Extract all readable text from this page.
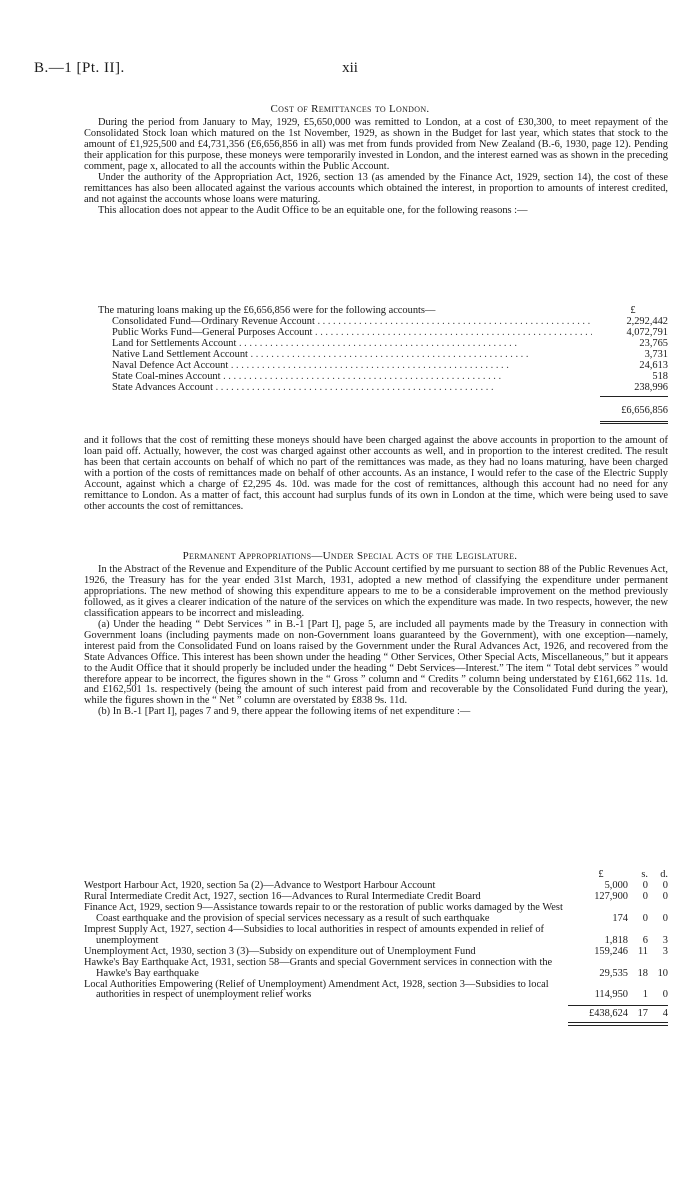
B.—1 [Pt. II].	xii
Cost of Remittances to London.

During the period from January to May, 1929, £5,650,000 was remitted to London, at a cost of £30,300, to meet repayment of the Consolidated Stock loan which matured on the 1st November, 1929, as shown in the Budget for last year, which states that stock to the amount of £1,925,500 and £4,731,356 (£6,656,856 in all) was met from funds provided from New Zealand (B.-6, 1930, page 12). Pending their application for this purpose, these moneys were temporarily invested in London, and the interest earned was as shown in the preceding comment, page x, allocated to all the accounts within the Public Account.

Under the authority of the Appropriation Act, 1926, section 13 (as amended by the Finance Act, 1929, section 14), the cost of these remittances has also been allocated against the various accounts which obtained the interest, in proportion to amounts of interest credited, and not against the accounts whose loans were maturing.

This allocation does not appear to the Audit Office to be an equitable one, for the following reasons :—

The maturing loans making up the £6,656,856 were for the following accounts—	£
Consolidated Fund—Ordinary Revenue Account . . .	2,292,442
Public Works Fund—General Purposes Account . . .	4,072,791
Land for Settlements Account . . .	23,765
Native Land Settlement Account . . .	3,731
Naval Defence Act Account . . .	24,613
State Coal-mines Account . . .	518
State Advances Account . . .	238,996
£6,656,856

and it follows that the cost of remitting these moneys should have been charged against the above accounts in proportion to the amount of loan paid off. Actually, however, the cost was charged against other accounts as well, and in proportion to the interest credited. The result has been that certain accounts on behalf of which no part of the remittances was made, as they had no loans maturing, have been charged with a portion of the costs of remittances made on behalf of other accounts. As an instance, I would refer to the case of the Electric Supply Account, against which a charge of £2,295 4s. 10d. was made for the cost of remittances, although this account had no need for any remittance to London. As a matter of fact, this account had surplus funds of its own in London at the time, which were being used to save other accounts the cost of remittances.

Permanent Appropriations—Under Special Acts of the Legislature.

In the Abstract of the Revenue and Expenditure of the Public Account certified by me pursuant to section 88 of the Public Revenues Act, 1926, the Treasury has for the year ended 31st March, 1931, adopted a new method of classifying the expenditure under permanent appropriations. The new method of showing this expenditure appears to me to be a considerable improvement on the method previously followed, as it gives a clearer indication of the nature of the services on which the expenditure was made. In two respects, however, the new classification appears to be incorrect and misleading.

(a) Under the heading “ Debt Services ” in B.-1 [Part I], page 5, are included all payments made by the Treasury in connection with Government loans (including payments made on non-Government loans guaranteed by the Government), with one exception—namely, interest paid from the Consolidated Fund on loans raised by the Government under the Rural Advances Act, 1926, and recovered from the State Advances Office. This interest has been shown under the heading “ Other Services, Other Special Acts, Miscellaneous,” but it appears to the Audit Office that it should properly be included under the heading “ Debt Services—Interest.” The item “ Total debt services ” would therefore appear to be incorrect, the figures shown in the “ Gross ” column and “ Credits ” column being understated by £161,662 11s. 1d. and £162,501 1s. respectively (being the amount of such interest paid from and recoverable by the Consolidated Fund during the year), while the figures shown in the “ Net ” column are overstated by £838 9s. 11d.

(b) In B.-1 [Part I], pages 7 and 9, there appear the following items of net expenditure :—

£	s.	d.
Westport Harbour Act, 1920, section 5a (2)—Advance to Westport Harbour Account	5,000	0	0
Rural Intermediate Credit Act, 1927, section 16—Advances to Rural Intermediate Credit Board	127,900	0	0
Finance Act, 1929, section 9—Assistance towards repair to or the restoration of public works damaged by the West Coast earthquake and the provision of special services necessary as a result of such earthquake	174	0	0
Imprest Supply Act, 1927, section 4—Subsidies to local authorities in respect of amounts expended in relief of unemployment	1,818	6	3
Unemployment Act, 1930, section 3 (3)—Subsidy on expenditure out of Unemployment Fund	159,246 11	3
Hawke's Bay Earthquake Act, 1931, section 58—Grants and special Government services in connection with the Hawke's Bay earthquake	29,535 18 10
Local Authorities Empowering (Relief of Unemployment) Amendment Act, 1928, section 3—Subsidies to local authorities in respect of unemployment relief works	114,950	1	0
£438,624 17	4
